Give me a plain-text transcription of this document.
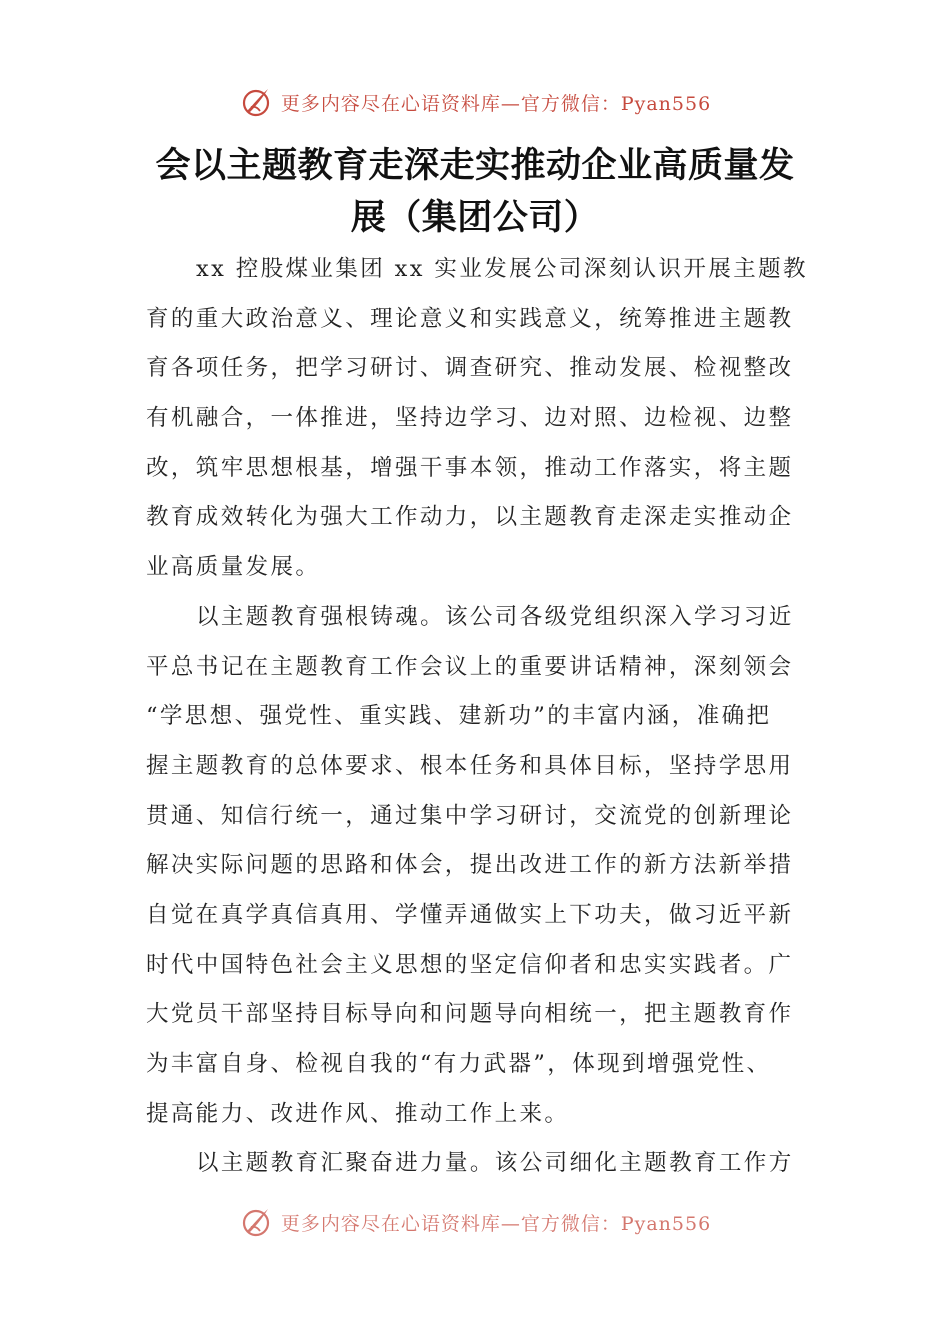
更多内容尽在心语资料库—官方微信：Pyan556
会以主题教育走深走实推动企业高质量发
展（集团公司）

xx 控股煤业集团 xx 实业发展公司深刻认识开展主题教
育的重大政治意义、理论意义和实践意义，统筹推进主题教
育各项任务，把学习研讨、调查研究、推动发展、检视整改
有机融合，一体推进，坚持边学习、边对照、边检视、边整
改，筑牢思想根基，增强干事本领，推动工作落实，将主题
教育成效转化为强大工作动力，以主题教育走深走实推动企
业高质量发展。

以主题教育强根铸魂。该公司各级党组织深入学习习近
平总书记在主题教育工作会议上的重要讲话精神，深刻领会
“学思想、强党性、重实践、建新功”的丰富内涵，准确把
握主题教育的总体要求、根本任务和具体目标，坚持学思用
贯通、知信行统一，通过集中学习研讨，交流党的创新理论
解决实际问题的思路和体会，提出改进工作的新方法新举措
自觉在真学真信真用、学懂弄通做实上下功夫，做习近平新
时代中国特色社会主义思想的坚定信仰者和忠实实践者。广
大党员干部坚持目标导向和问题导向相统一，把主题教育作
为丰富自身、检视自我的“有力武器”，体现到增强党性、
提高能力、改进作风、推动工作上来。

以主题教育汇聚奋进力量。该公司细化主题教育工作方

更多内容尽在心语资料库—官方微信：Pyan556
